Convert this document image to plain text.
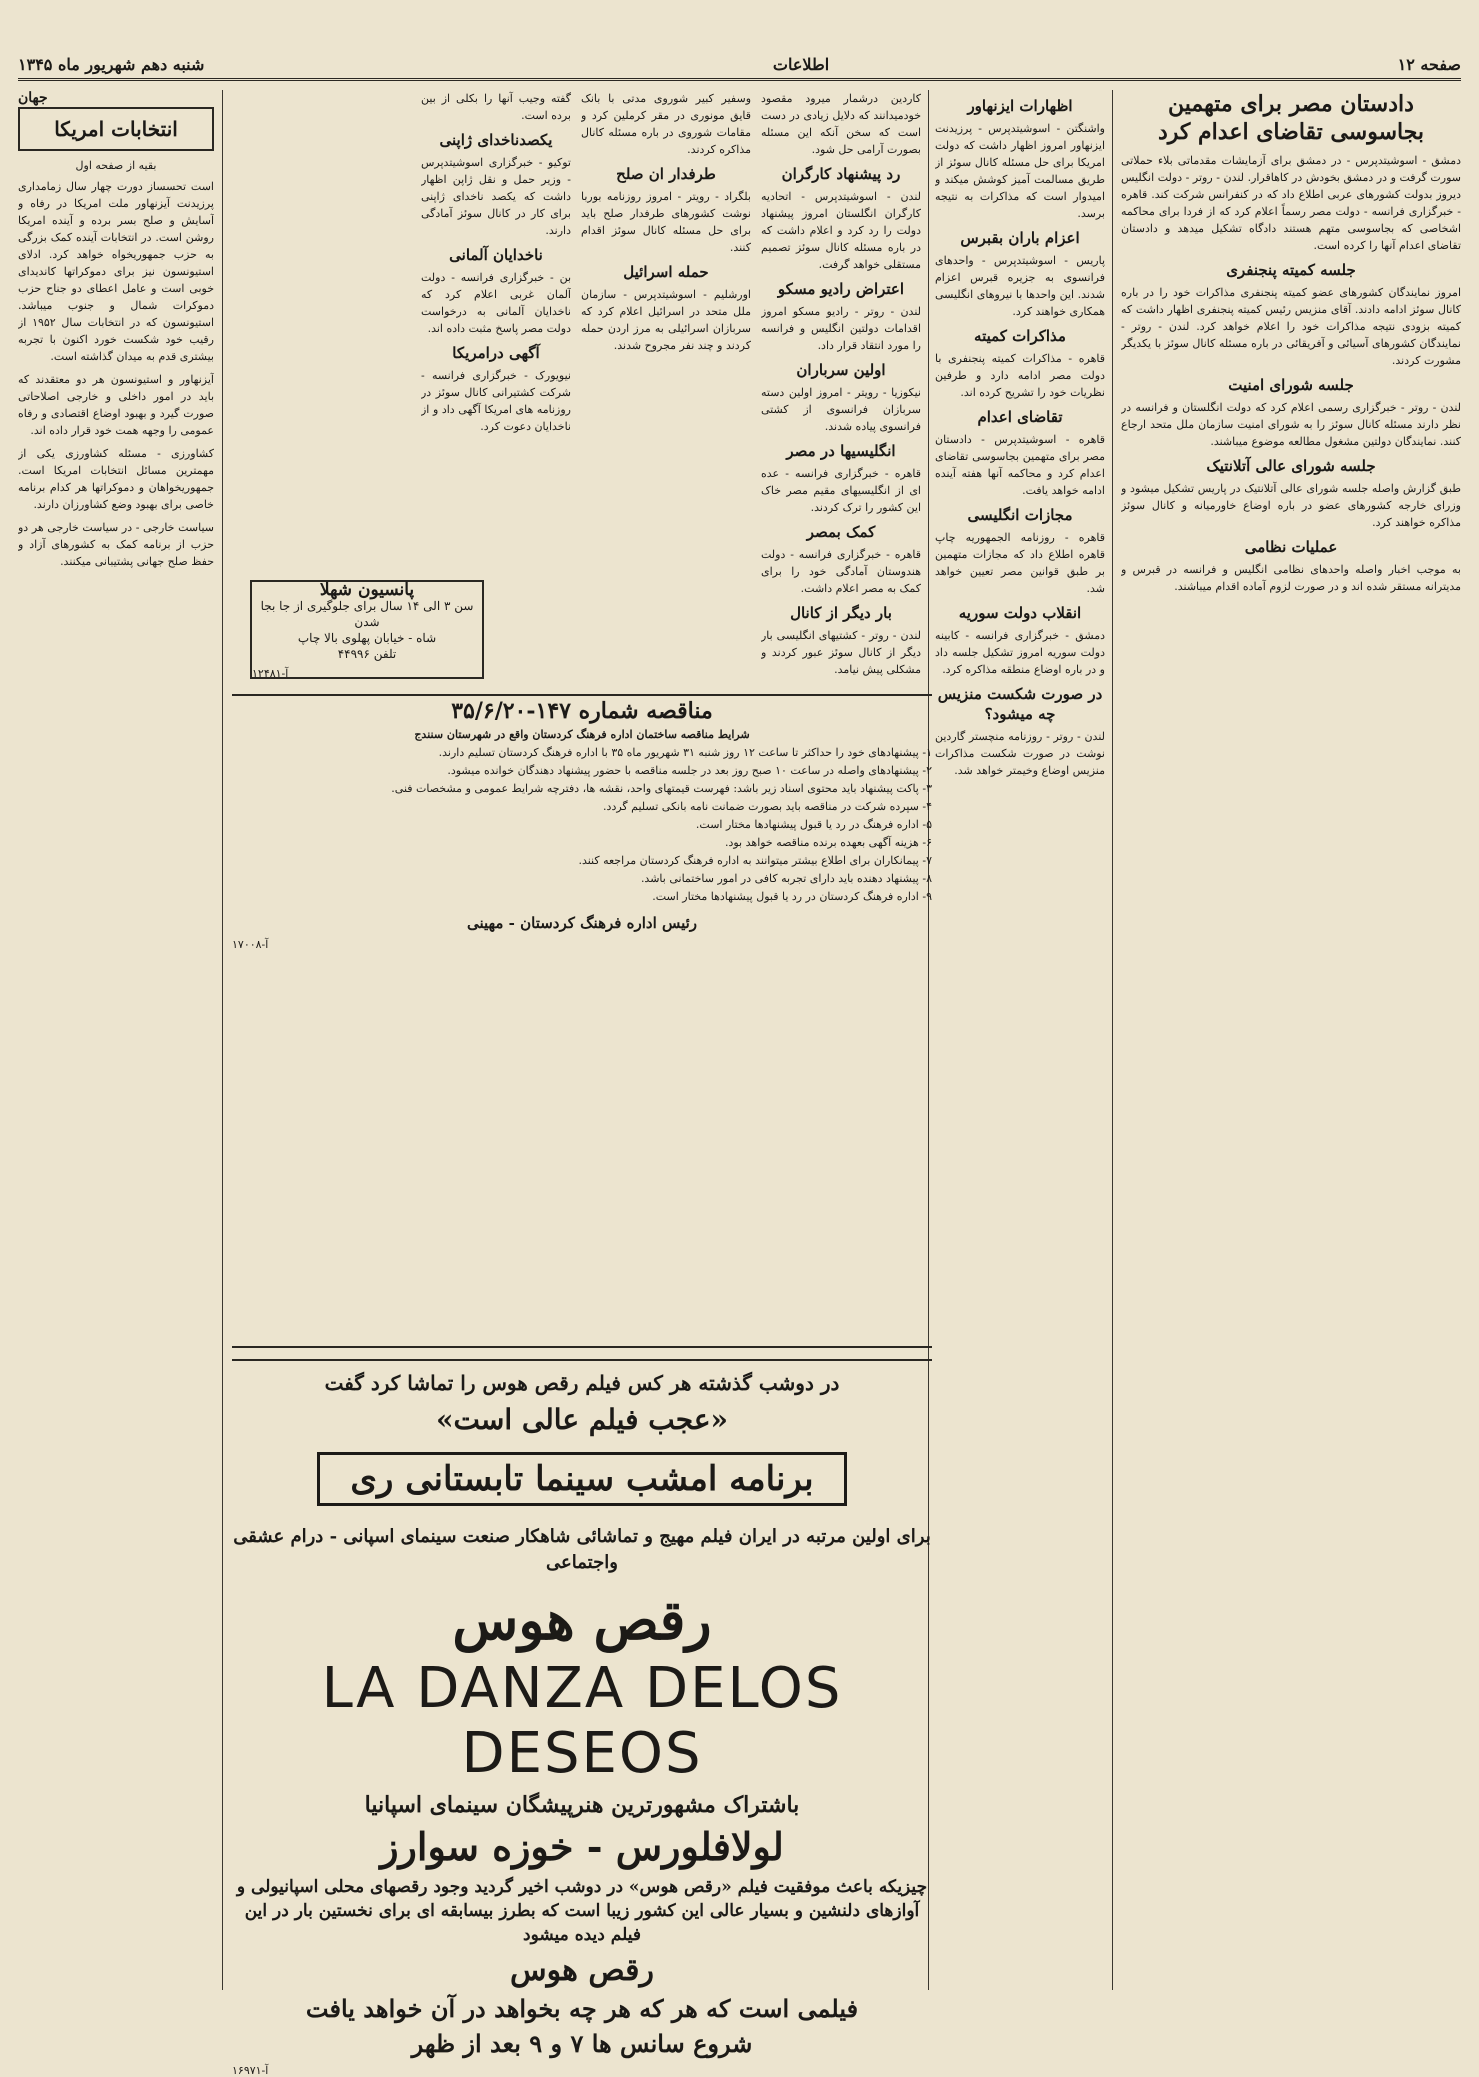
صفحه ۱۲
اطلاعات
شنبه دهم شهریور ماه ۱۳۴۵
دادستان مصر برای متهمین بجاسوسی تقاضای اعدام کرد

دمشق - اسوشیتدپرس - در دمشق برای آزمایشات مقدماتی بلاء حملاتی سورت گرفت و در دمشق بخودش در کاهاقرار. لندن - روتر - دولت انگلیس دیروز بدولت کشورهای عربی اطلاع داد که در کنفرانس شرکت کند. قاهره - خبرگزاری فرانسه - دولت مصر رسماً اعلام کرد که از فردا برای محاکمه اشخاصی که بجاسوسی متهم هستند دادگاه تشکیل میدهد و دادستان تقاضای اعدام آنها را کرده است.

جلسه کمیته پنجنفری

امروز نمایندگان کشورهای عضو کمیته پنجنفری مذاکرات خود را در باره کانال سوئز ادامه دادند. آقای منزیس رئیس کمیته پنجنفری اظهار داشت که کمیته بزودی نتیجه مذاکرات خود را اعلام خواهد کرد. لندن - روتر - نمایندگان کشورهای آسیائی و آفریقائی در باره مسئله کانال سوئز با یکدیگر مشورت کردند.

جلسه شورای امنیت

لندن - روتر - خبرگزاری رسمی اعلام کرد که دولت انگلستان و فرانسه در نظر دارند مسئله کانال سوئز را به شورای امنیت سازمان ملل متحد ارجاع کنند. نمایندگان دولتین مشغول مطالعه موضوع میباشند.

جلسه شورای عالی آتلانتیک

طبق گزارش واصله جلسه شورای عالی آتلانتیک در پاریس تشکیل میشود و وزرای خارجه کشورهای عضو در باره اوضاع خاورمیانه و کانال سوئز مذاکره خواهند کرد.

عملیات نظامی

به موجب اخبار واصله واحدهای نظامی انگلیس و فرانسه در قبرس و مدیترانه مستقر شده اند و در صورت لزوم آماده اقدام میباشند.

اظهارات ایزنهاور

واشنگتن - اسوشیتدپرس - پرزیدنت ایزنهاور امروز اظهار داشت که دولت امریکا برای حل مسئله کانال سوئز از طریق مسالمت آمیز کوشش میکند و امیدوار است که مذاکرات به نتیجه برسد.

اعزام باران بقبرس

پاریس - اسوشیتدپرس - واحدهای فرانسوی به جزیره قبرس اعزام شدند. این واحدها با نیروهای انگلیسی همکاری خواهند کرد.

مذاکرات کمیته

قاهره - مذاکرات کمیته پنجنفری با دولت مصر ادامه دارد و طرفین نظریات خود را تشریح کرده اند.

تقاضای اعدام

قاهره - اسوشیتدپرس - دادستان مصر برای متهمین بجاسوسی تقاضای اعدام کرد و محاکمه آنها هفته آینده ادامه خواهد یافت.

مجازات انگلیسی

قاهره - روزنامه الجمهوریه چاپ قاهره اطلاع داد که مجازات متهمین بر طبق قوانین مصر تعیین خواهد شد.

انقلاب دولت سوریه

دمشق - خبرگزاری فرانسه - کابینه دولت سوریه امروز تشکیل جلسه داد و در باره اوضاع منطقه مذاکره کرد.

در صورت شکست منزیس چه میشود؟

لندن - روتر - روزنامه منچستر گاردین نوشت در صورت شکست مذاکرات منزیس اوضاع وخیمتر خواهد شد.

کاردین درشمار میرود مقصود خودمیدانند که دلایل زیادی در دست است که سخن آنکه این مسئله بصورت آرامی حل شود.

رد پیشنهاد کارگران

لندن - اسوشیتدپرس - اتحادیه کارگران انگلستان امروز پیشنهاد دولت را رد کرد و اعلام داشت که در باره مسئله کانال سوئز تصمیم مستقلی خواهد گرفت.

اعتراض رادیو مسکو

لندن - روتر - رادیو مسکو امروز اقدامات دولتین انگلیس و فرانسه را مورد انتقاد قرار داد.

اولین سرباران

نیکوزیا - رویتر - امروز اولین دسته سربازان فرانسوی از کشتی فرانسوی پیاده شدند.

انگلیسیها در مصر

قاهره - خبرگزاری فرانسه - عده ای از انگلیسیهای مقیم مصر خاک این کشور را ترک کردند.

کمک بمصر

قاهره - خبرگزاری فرانسه - دولت هندوستان آمادگی خود را برای کمک به مصر اعلام داشت.

بار دیگر از کانال

لندن - روتر - کشتیهای انگلیسی بار دیگر از کانال سوئز عبور کردند و مشکلی پیش نیامد.

وسفیر کبیر شوروی مدتی با بانک قایق مونوری در مقر کرملین کرد و مقامات شوروی در باره مسئله کانال مذاکره کردند.

طرفدار ان صلح

بلگراد - رویتر - امروز روزنامه بوربا نوشت کشورهای طرفدار صلح باید برای حل مسئله کانال سوئز اقدام کنند.

حمله اسرائیل

اورشلیم - اسوشیتدپرس - سازمان ملل متحد در اسرائیل اعلام کرد که سربازان اسرائیلی به مرز اردن حمله کردند و چند نفر مجروح شدند.

گفته وجیب آنها را بکلی از بین برده است.

یکصدناخدای ژاپنی

توکیو - خبرگزاری اسوشیتدپرس - وزیر حمل و نقل ژاپن اظهار داشت که یکصد ناخدای ژاپنی برای کار در کانال سوئز آمادگی دارند.

ناخدایان آلمانی

بن - خبرگزاری فرانسه - دولت آلمان غربی اعلام کرد که ناخدایان آلمانی به درخواست دولت مصر پاسخ مثبت داده اند.

آگهی درامریکا

نیویورک - خبرگزاری فرانسه - شرکت کشتیرانی کانال سوئز در روزنامه های امریکا آگهی داد و از ناخدایان دعوت کرد.

پانسیون شهلا
سن ۳ الی ۱۴ سال برای جلوگیری از جا بجا شدن
شاه - خیابان پهلوی بالا چاپ
تلفن ۴۴۹۹۶
آ-۱۲۴۸۱
جهان
انتخابات امریکا
بقیه از صفحه اول

است تحسساز دورت چهار سال زمامداری پرزیدنت آیزنهاور ملت امریکا در رفاه و آسایش و صلح بسر برده و آینده امریکا روشن است. در انتخابات آینده کمک بزرگی به حزب جمهوریخواه خواهد کرد. ادلای استیونسون نیز برای دموکراتها کاندیدای خوبی است و عامل اعطای دو جناح حزب دموکرات شمال و جنوب میباشد. استیونسون که در انتخابات سال ۱۹۵۲ از رقیب خود شکست خورد اکنون با تجربه بیشتری قدم به میدان گذاشته است.

آیزنهاور و استیونسون هر دو معتقدند که باید در امور داخلی و خارجی اصلاحاتی صورت گیرد و بهبود اوضاع اقتصادی و رفاه عمومی را وجهه همت خود قرار داده اند.

کشاورزی - مسئله کشاورزی یکی از مهمترین مسائل انتخابات امریکا است. جمهوریخواهان و دموکراتها هر کدام برنامه خاصی برای بهبود وضع کشاورزان دارند.

سیاست خارجی - در سیاست خارجی هر دو حزب از برنامه کمک به کشورهای آزاد و حفظ صلح جهانی پشتیبانی میکنند.

مناقصه شماره ۱۴۷-۳۵/۶/۲۰
شرایط مناقصه ساختمان اداره فرهنگ کردستان واقع در شهرستان سنندج
۱- پیشنهادهای خود را حداکثر تا ساعت ۱۲ روز شنبه ۳۱ شهریور ماه ۳۵ با اداره فرهنگ کردستان تسلیم دارند.
۲- پیشنهادهای واصله در ساعت ۱۰ صبح روز بعد در جلسه مناقصه با حضور پیشنهاد دهندگان خوانده میشود.
۳- پاکت پیشنهاد باید محتوی اسناد زیر باشد: فهرست قیمتهای واحد، نقشه ها، دفترچه شرایط عمومی و مشخصات فنی.
۴- سپرده شرکت در مناقصه باید بصورت ضمانت نامه بانکی تسلیم گردد.
۵- اداره فرهنگ در رد یا قبول پیشنهادها مختار است.
۶- هزینه آگهی بعهده برنده مناقصه خواهد بود.
۷- پیمانکاران برای اطلاع بیشتر میتوانند به اداره فرهنگ کردستان مراجعه کنند.
۸- پیشنهاد دهنده باید دارای تجربه کافی در امور ساختمانی باشد.
۹- اداره فرهنگ کردستان در رد یا قبول پیشنهادها مختار است.
رئیس اداره فرهنگ کردستان - مهینی
آ-۱۷۰۰۸
در دوشب گذشته هر کس فیلم رقص هوس را تماشا کرد گفت
«عجب فیلم عالی است»
برنامه امشب سینما تابستانی ری
برای اولین مرتبه در ایران فیلم مهیج و تماشائی شاهکار صنعت سینمای اسپانی - درام عشقی واجتماعی
رقص هوس
LA DANZA DELOS DESEOS
باشتراک مشهورترین هنرپیشگان سینمای اسپانیا
لولافلورس - خوزه سوارز
چیزیکه باعث موفقیت فیلم «رقص هوس» در دوشب اخیر گردید وجود رقصهای محلی اسپانیولی و آوازهای دلنشین و بسیار عالی این کشور زیبا است که بطرز بیسابقه ای برای نخستین بار در این فیلم دیده میشود
رقص هوس
فیلمی است که هر که هر چه بخواهد در آن خواهد یافت
شروع سانس ها ۷ و ۹ بعد از ظهر
آ-۱۶۹۷۱
